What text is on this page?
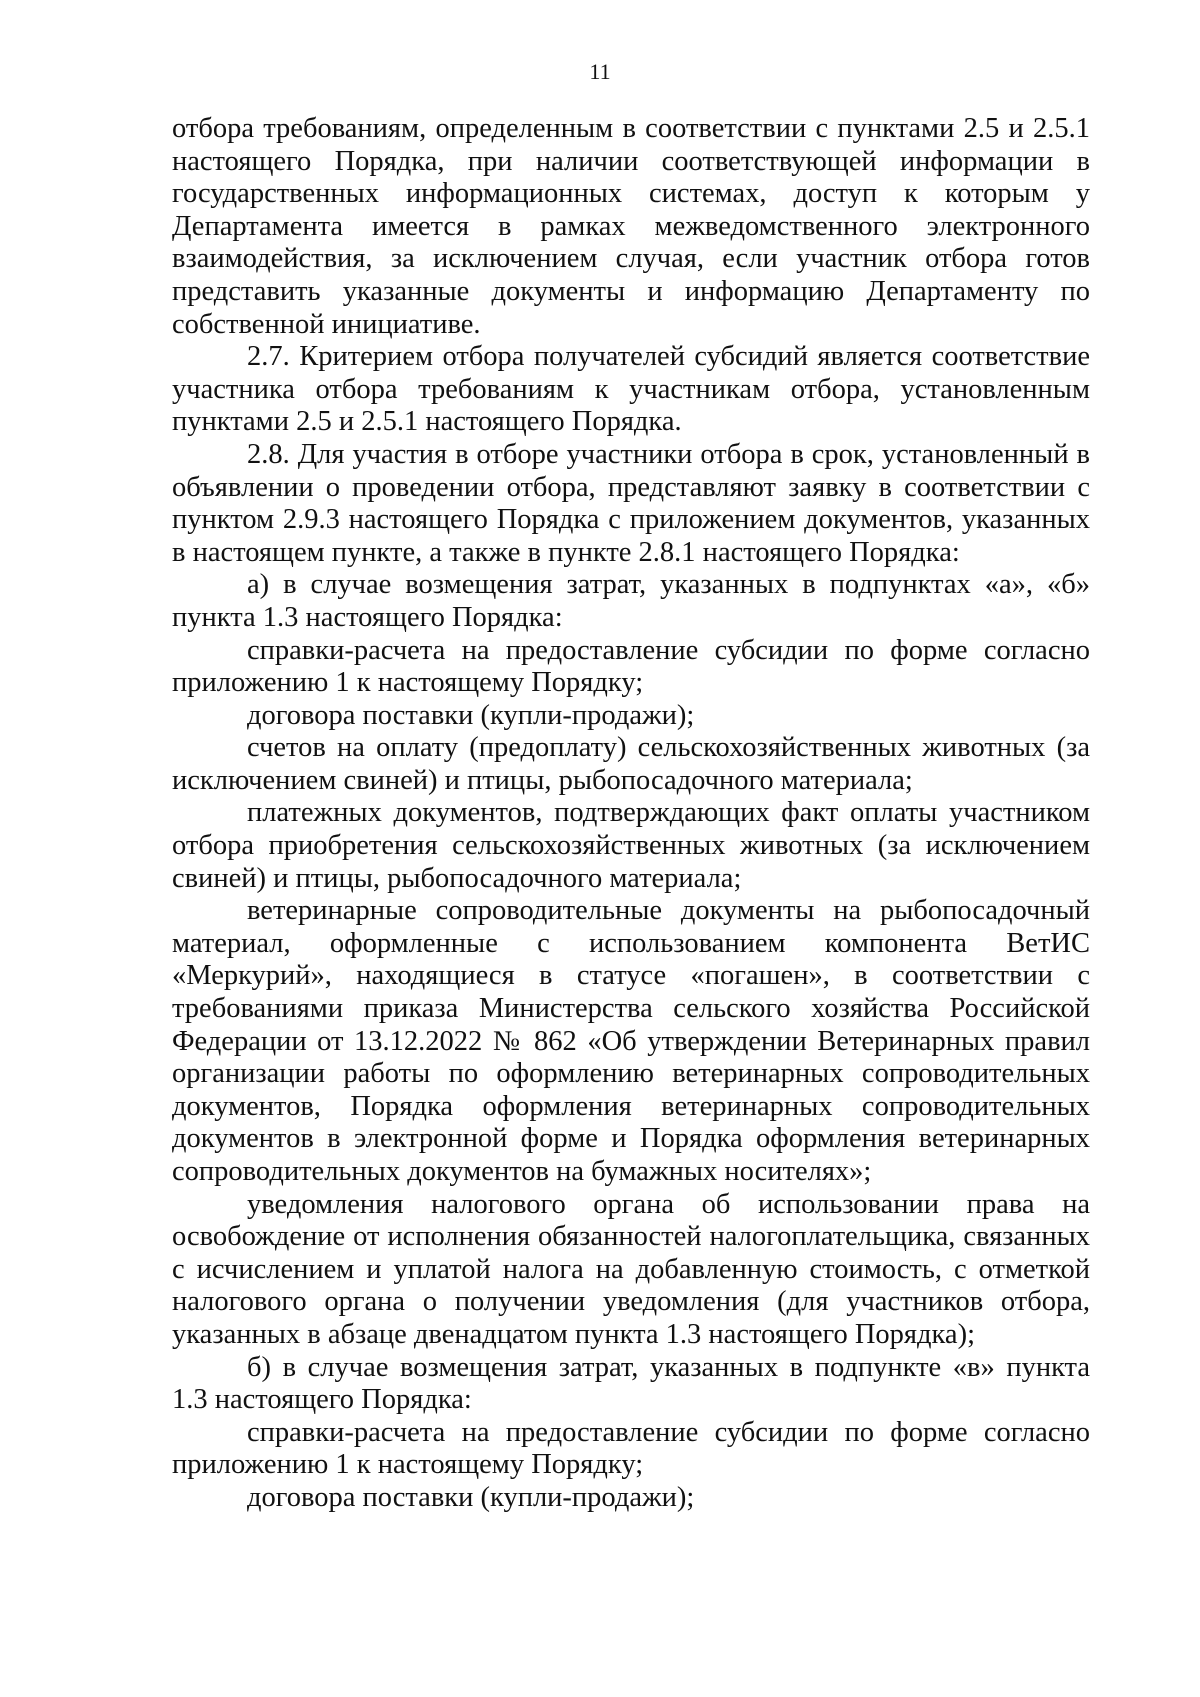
11

отбора требованиям, определенным в соответствии с пунктами 2.5 и 2.5.1 настоящего Порядка, при наличии соответствующей информации в государственных информационных системах, доступ к которым у Департамента имеется в рамках межведомственного электронного взаимодействия, за исключением случая, если участник отбора готов представить указанные документы и информацию Департаменту по собственной инициативе.

2.7. Критерием отбора получателей субсидий является соответствие участника отбора требованиям к участникам отбора, установленным пунктами 2.5 и 2.5.1 настоящего Порядка.

2.8. Для участия в отборе участники отбора в срок, установленный в объявлении о проведении отбора, представляют заявку в соответствии с пунктом 2.9.3 настоящего Порядка с приложением документов, указанных в настоящем пункте, а также в пункте 2.8.1 настоящего Порядка:

а) в случае возмещения затрат, указанных в подпунктах «а», «б» пункта 1.3 настоящего Порядка:

справки-расчета на предоставление субсидии по форме согласно приложению 1 к настоящему Порядку;

договора поставки (купли-продажи);

счетов на оплату (предоплату) сельскохозяйственных животных (за исключением свиней) и птицы, рыбопосадочного материала;

платежных документов, подтверждающих факт оплаты участником отбора приобретения сельскохозяйственных животных (за исключением свиней) и птицы, рыбопосадочного материала;

ветеринарные сопроводительные документы на рыбопосадочный материал, оформленные с использованием компонента ВетИС «Меркурий», находящиеся в статусе «погашен», в соответствии с требованиями приказа Министерства сельского хозяйства Российской Федерации от 13.12.2022 № 862 «Об утверждении Ветеринарных правил организации работы по оформлению ветеринарных сопроводительных документов, Порядка оформления ветеринарных сопроводительных документов в электронной форме и Порядка оформления ветеринарных сопроводительных документов на бумажных носителях»;

уведомления налогового органа об использовании права на освобождение от исполнения обязанностей налогоплательщика, связанных с исчислением и уплатой налога на добавленную стоимость, с отметкой налогового органа о получении уведомления (для участников отбора, указанных в абзаце двенадцатом пункта 1.3 настоящего Порядка);

б) в случае возмещения затрат, указанных в подпункте «в» пункта 1.3 настоящего Порядка:

справки-расчета на предоставление субсидии по форме согласно приложению 1 к настоящему Порядку;

договора поставки (купли-продажи);
